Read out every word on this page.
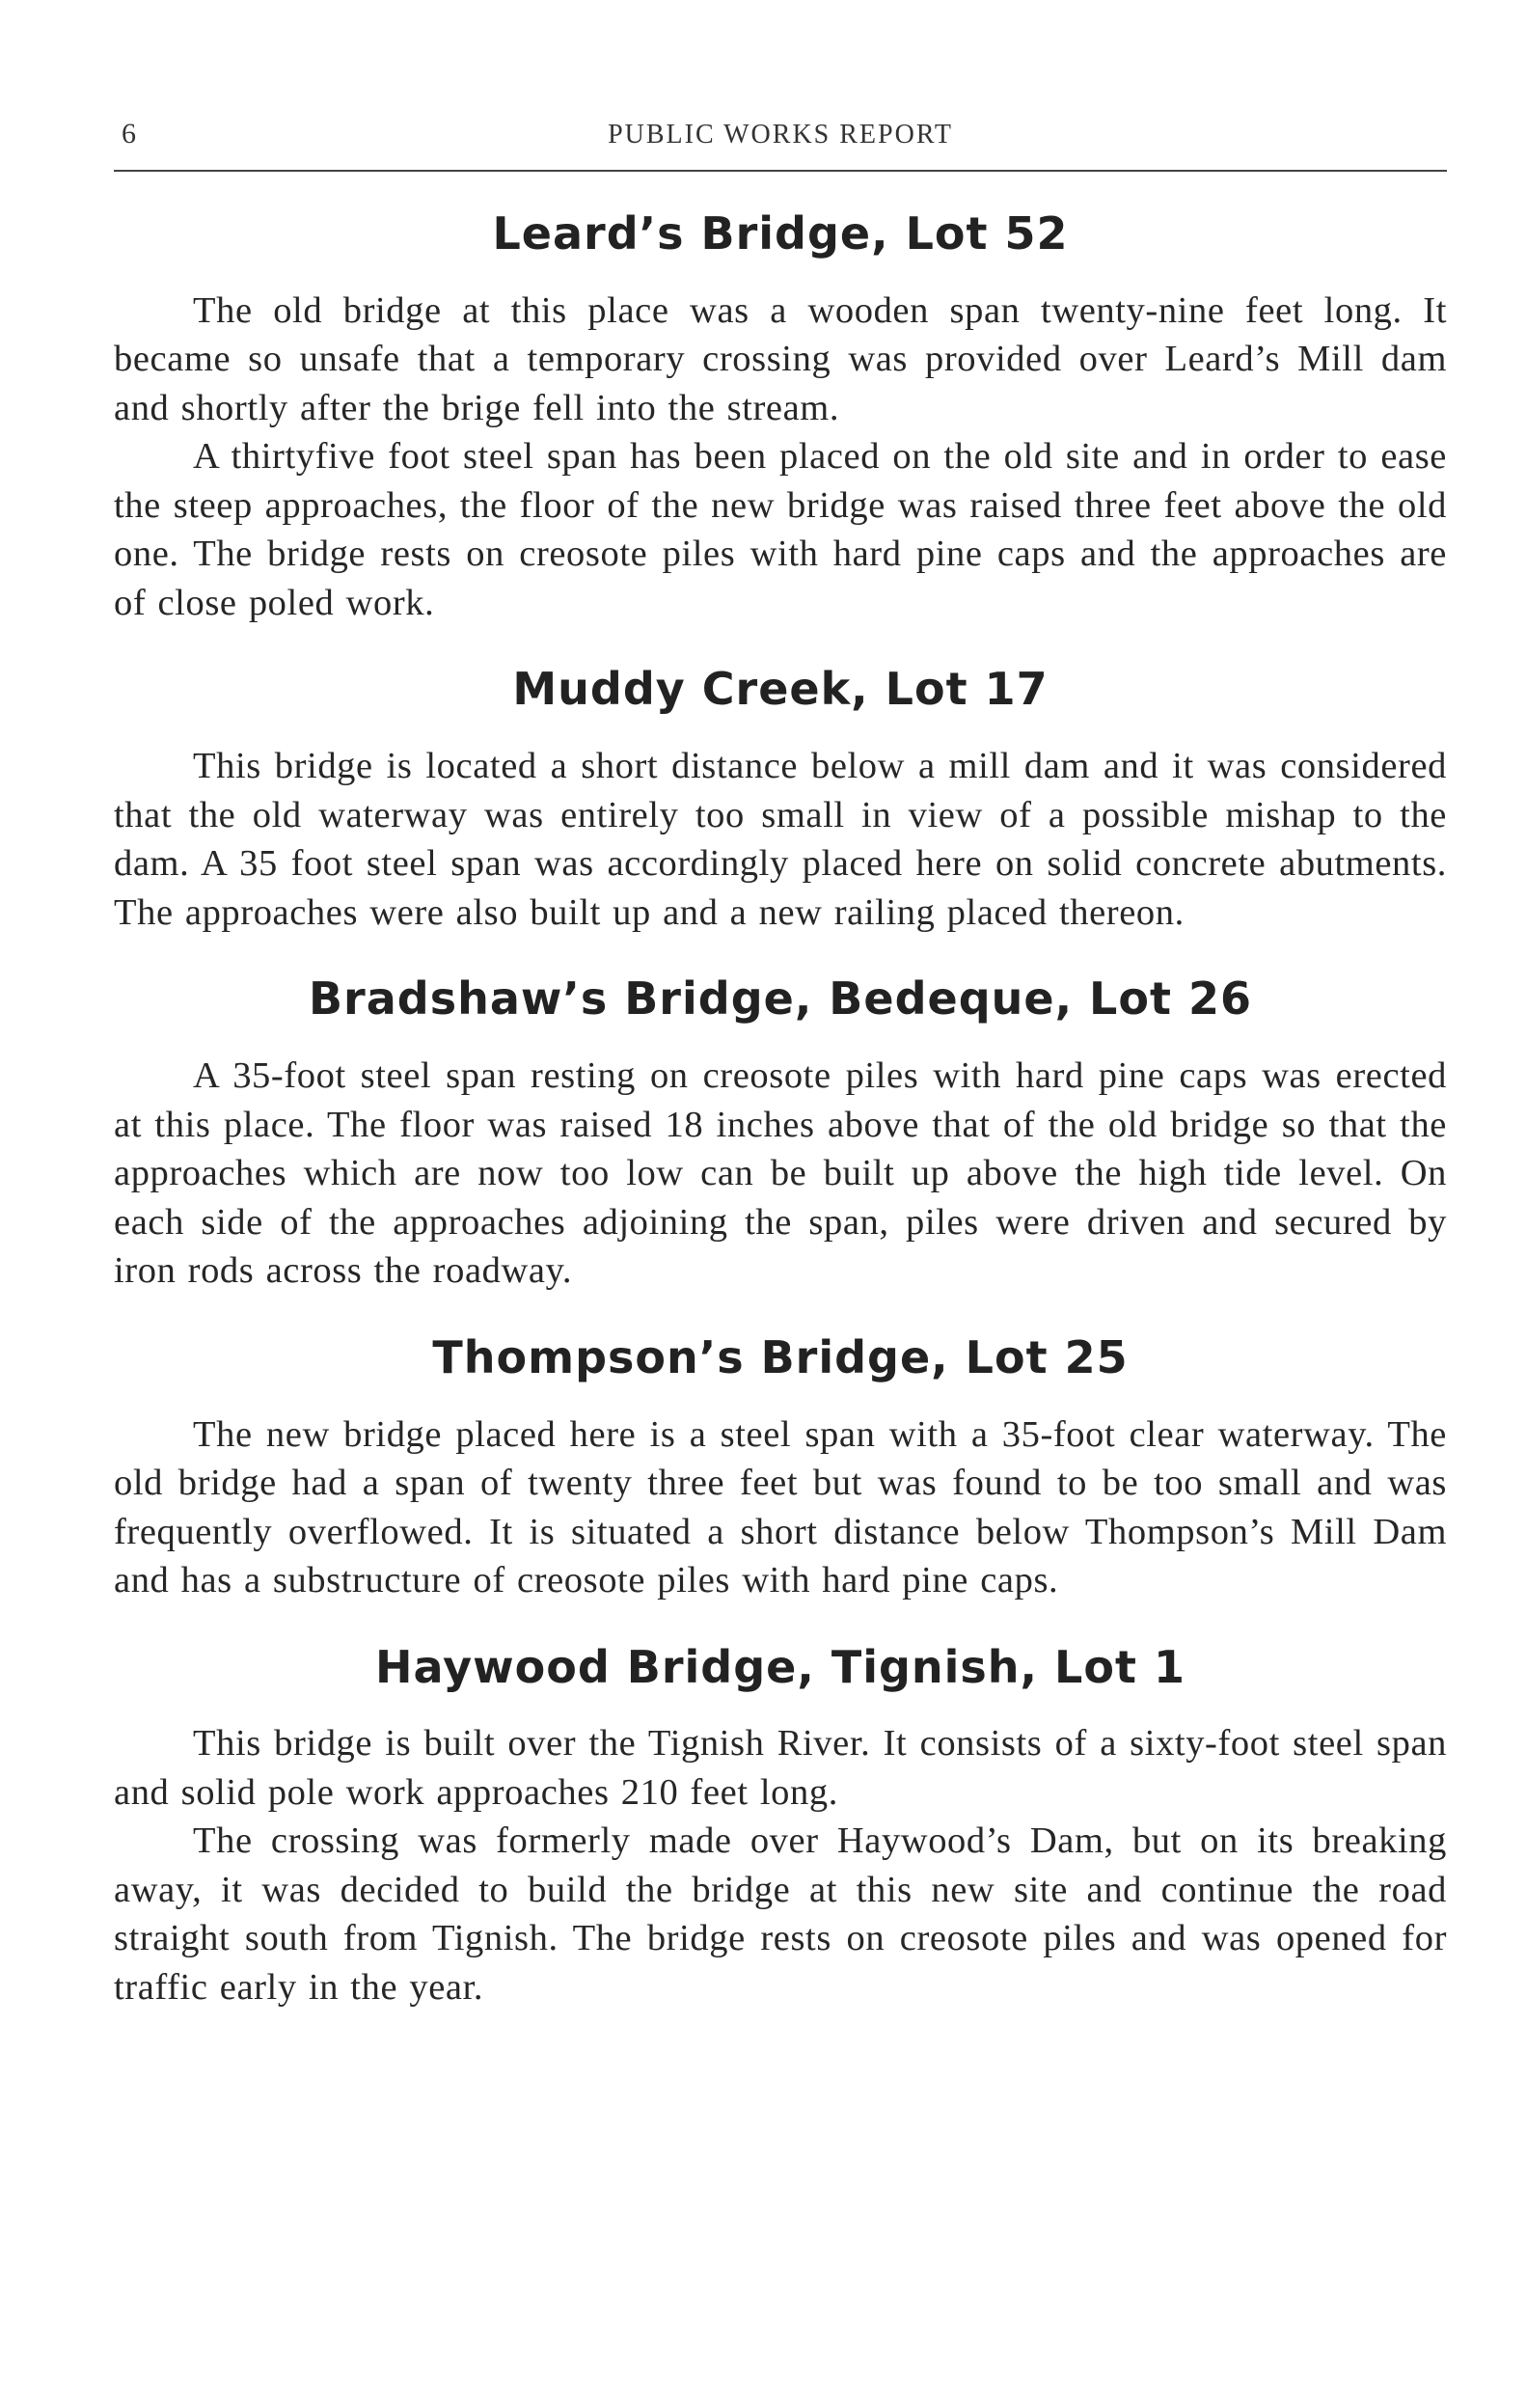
6	PUBLIC WORKS REPORT
Leard’s Bridge, Lot 52

The old bridge at this place was a wooden span twenty-nine feet long. It became so unsafe that a temporary crossing was provided over Leard’s Mill dam and shortly after the brige fell into the stream.

A thirtyfive foot steel span has been placed on the old site and in order to ease the steep approaches, the floor of the new bridge was raised three feet above the old one. The bridge rests on creosote piles with hard pine caps and the approaches are of close poled work.

Muddy Creek, Lot 17

This bridge is located a short distance below a mill dam and it was considered that the old waterway was entirely too small in view of a possible mishap to the dam. A 35 foot steel span was accordingly placed here on solid concrete abutments. The approaches were also built up and a new railing placed thereon.

Bradshaw’s Bridge, Bedeque, Lot 26

A 35-foot steel span resting on creosote piles with hard pine caps was erected at this place. The floor was raised 18 inches above that of the old bridge so that the approaches which are now too low can be built up above the high tide level. On each side of the approaches adjoining the span, piles were driven and secured by iron rods across the roadway.

Thompson’s Bridge, Lot 25

The new bridge placed here is a steel span with a 35-foot clear waterway. The old bridge had a span of twenty three feet but was found to be too small and was frequently overflowed. It is situated a short distance below Thompson’s Mill Dam and has a substructure of creosote piles with hard pine caps.

Haywood Bridge, Tignish, Lot 1

This bridge is built over the Tignish River. It consists of a sixty-foot steel span and solid pole work approaches 210 feet long.

The crossing was formerly made over Haywood’s Dam, but on its breaking away, it was decided to build the bridge at this new site and continue the road straight south from Tignish. The bridge rests on creosote piles and was opened for traffic early in the year.
